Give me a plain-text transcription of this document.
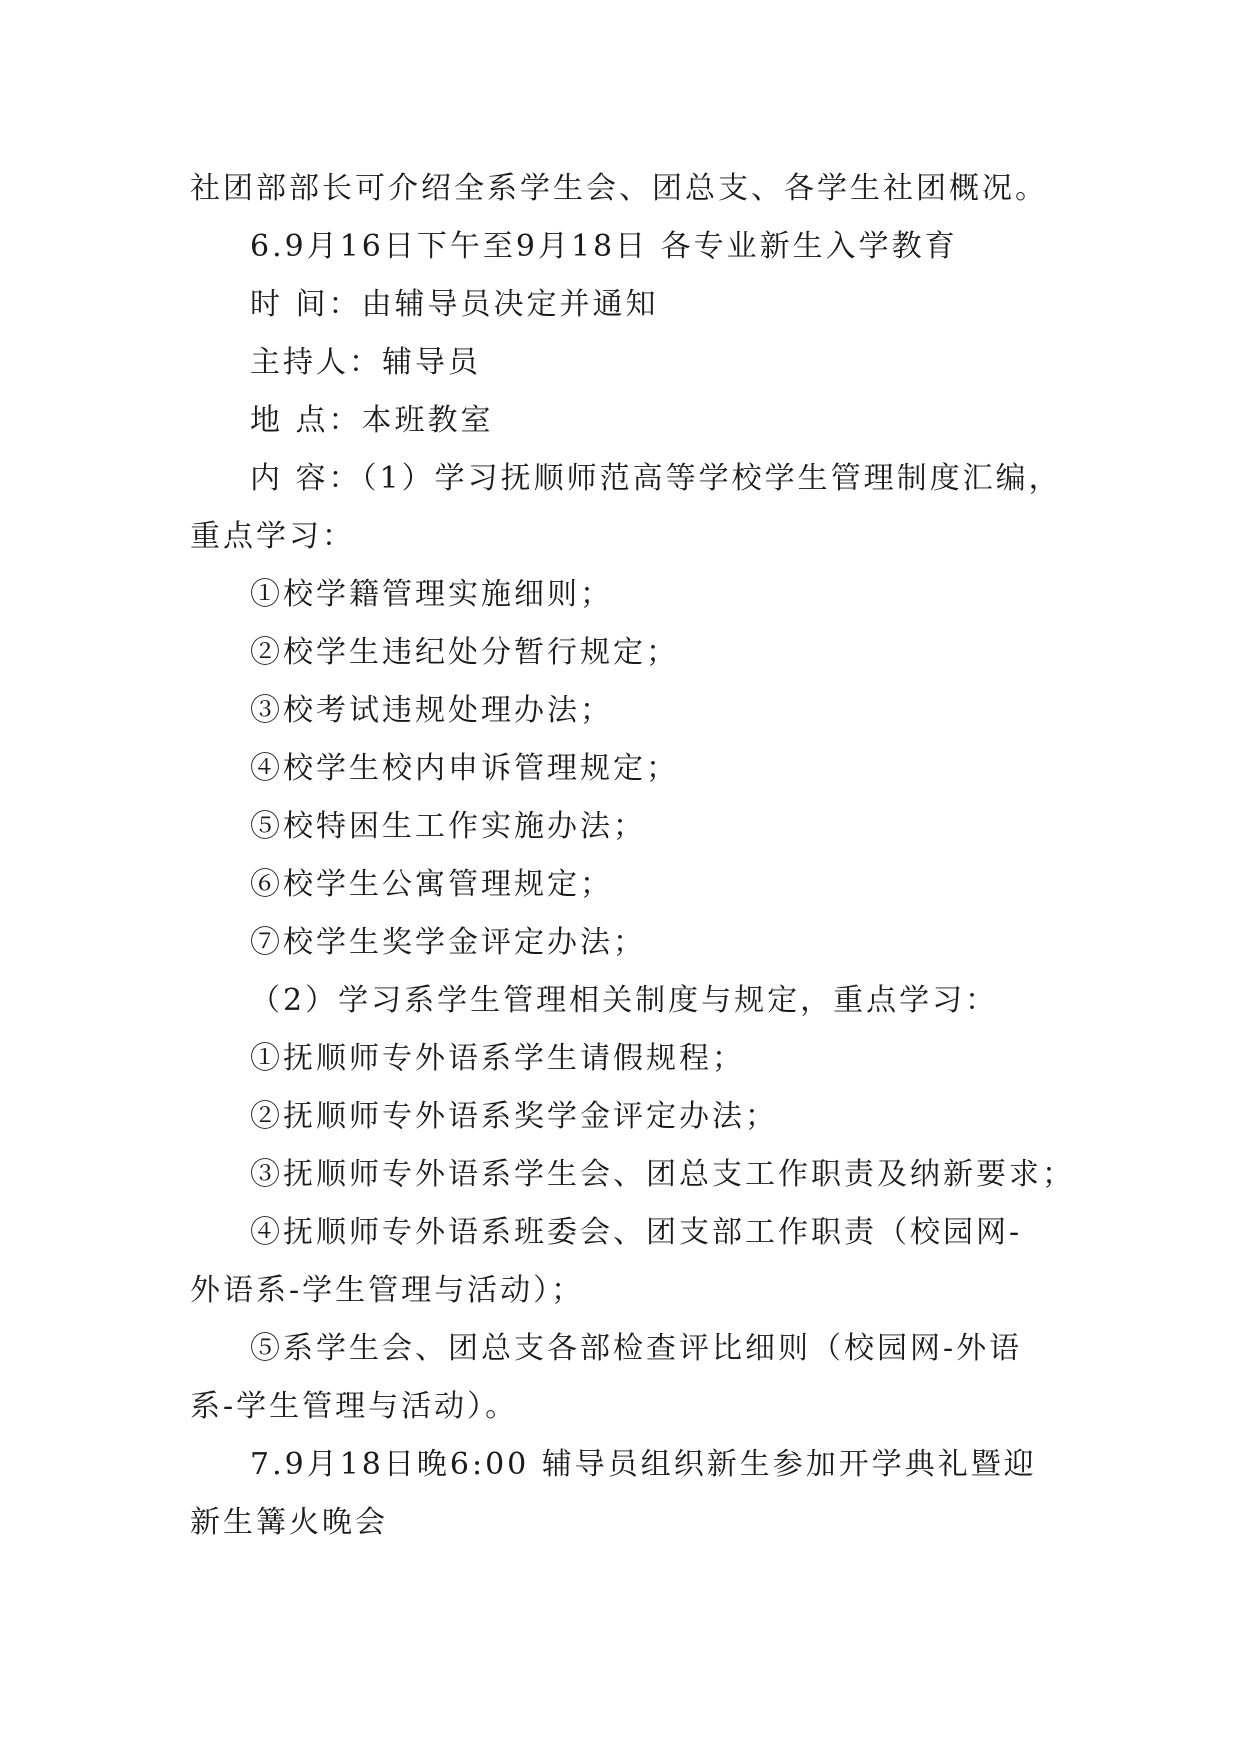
社团部部长可介绍全系学生会、团总支、各学生社团概况。
6.9月16日下午至9月18日 各专业新生入学教育
时 间：由辅导员决定并通知
主持人：辅导员
地 点：本班教室
内 容：（1）学习抚顺师范高等学校学生管理制度汇编，
重点学习：
①校学籍管理实施细则；
②校学生违纪处分暂行规定；
③校考试违规处理办法；
④校学生校内申诉管理规定；
⑤校特困生工作实施办法；
⑥校学生公寓管理规定；
⑦校学生奖学金评定办法；
（2）学习系学生管理相关制度与规定，重点学习：
①抚顺师专外语系学生请假规程；
②抚顺师专外语系奖学金评定办法；
③抚顺师专外语系学生会、团总支工作职责及纳新要求；
④抚顺师专外语系班委会、团支部工作职责（校园网-
外语系-学生管理与活动）；
⑤系学生会、团总支各部检查评比细则（校园网-外语
系-学生管理与活动）。
7.9月18日晚6:00 辅导员组织新生参加开学典礼暨迎
新生篝火晚会
